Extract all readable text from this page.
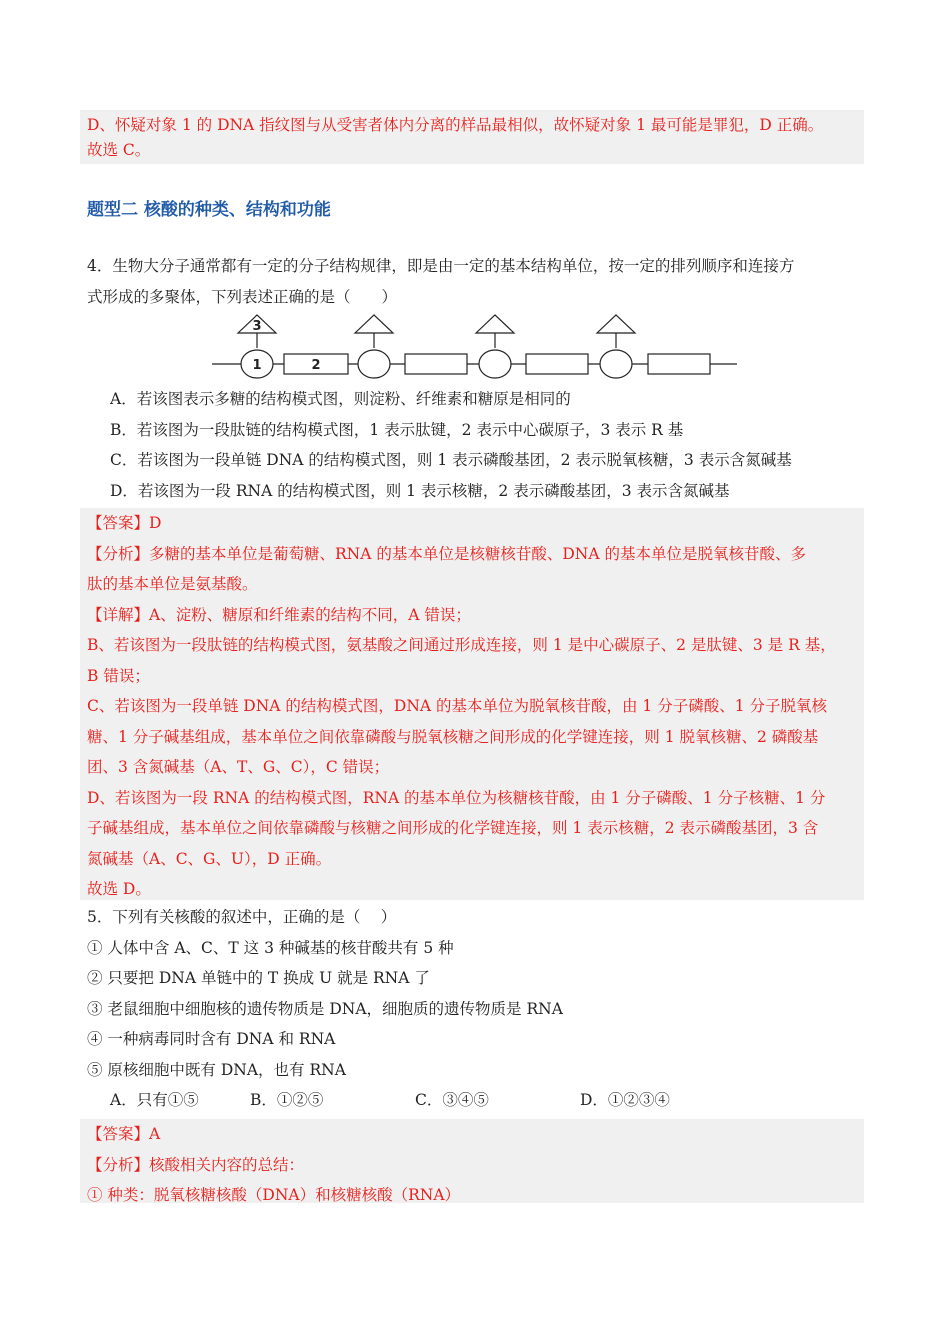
D、怀疑对象 1 的 DNA 指纹图与从受害者体内分离的样品最相似，故怀疑对象 1 最可能是罪犯，D 正确。
故选 C。
题型二 核酸的种类、结构和功能
4．生物大分子通常都有一定的分子结构规律，即是由一定的基本结构单位，按一定的排列顺序和连接方
式形成的多聚体，下列表述正确的是（　　）
3
1	2
A．若该图表示多糖的结构模式图，则淀粉、纤维素和糖原是相同的
B．若该图为一段肽链的结构模式图，1 表示肽键，2 表示中心碳原子，3 表示 R 基
C．若该图为一段单链 DNA 的结构模式图，则 1 表示磷酸基团，2 表示脱氧核糖，3 表示含氮碱基
D．若该图为一段 RNA 的结构模式图，则 1 表示核糖，2 表示磷酸基团，3 表示含氮碱基
【答案】D
【分析】多糖的基本单位是葡萄糖、RNA 的基本单位是核糖核苷酸、DNA 的基本单位是脱氧核苷酸、多
肽的基本单位是氨基酸。
【详解】A、淀粉、糖原和纤维素的结构不同，A 错误；
B、若该图为一段肽链的结构模式图，氨基酸之间通过形成连接，则 1 是中心碳原子、2 是肽键、3 是 R 基，
B 错误；
C、若该图为一段单链 DNA 的结构模式图，DNA 的基本单位为脱氧核苷酸，由 1 分子磷酸、1 分子脱氧核
糖、1 分子碱基组成，基本单位之间依靠磷酸与脱氧核糖之间形成的化学键连接，则 1 脱氧核糖、2 磷酸基
团、3 含氮碱基（A、T、G、C），C 错误；
D、若该图为一段 RNA 的结构模式图，RNA 的基本单位为核糖核苷酸，由 1 分子磷酸、1 分子核糖、1 分
子碱基组成，基本单位之间依靠磷酸与核糖之间形成的化学键连接，则 1 表示核糖，2 表示磷酸基团，3 含
氮碱基（A、C、G、U），D 正确。
故选 D。
5．下列有关核酸的叙述中，正确的是（　 ）
① 人体中含 A、C、T 这 3 种碱基的核苷酸共有 5 种
② 只要把 DNA 单链中的 T 换成 U 就是 RNA 了
③ 老鼠细胞中细胞核的遗传物质是 DNA，细胞质的遗传物质是 RNA
④ 一种病毒同时含有 DNA 和 RNA
⑤ 原核细胞中既有 DNA，也有 RNA
A．只有①⑤	B．①②⑤	C．③④⑤	D．①②③④
【答案】A
【分析】核酸相关内容的总结：
① 种类：脱氧核糖核酸（DNA）和核糖核酸（RNA）
